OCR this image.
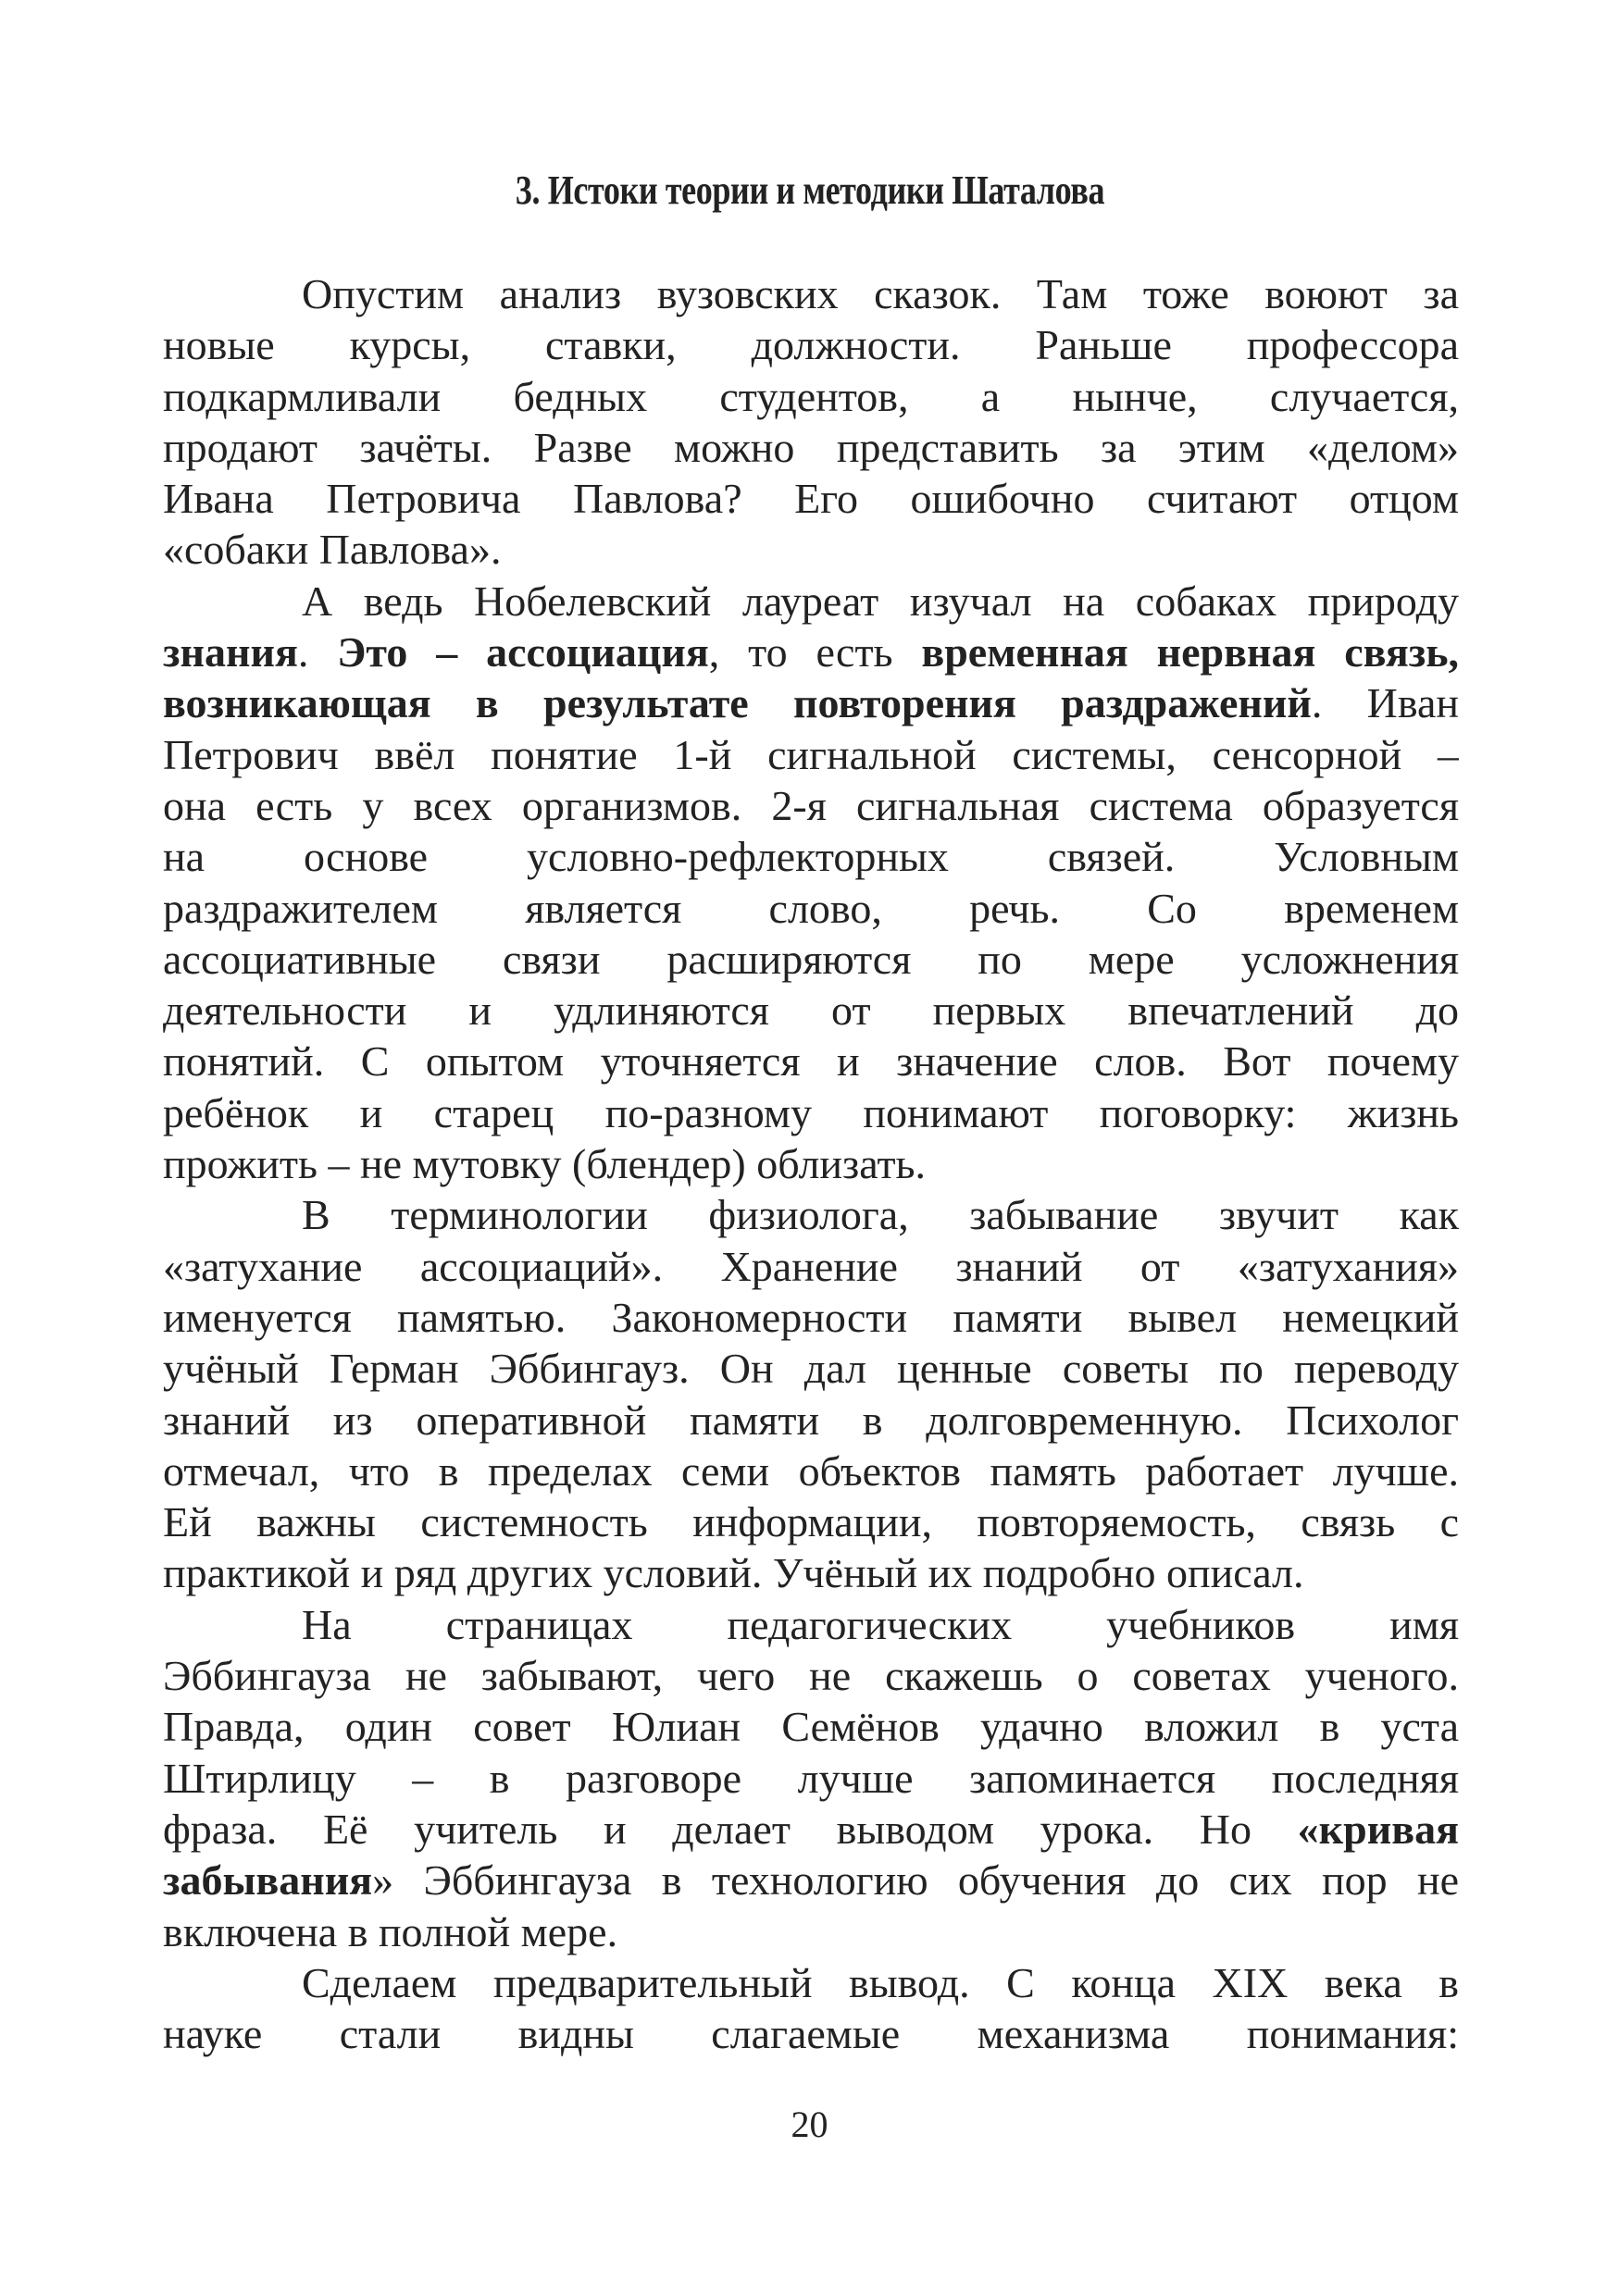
3. Истоки теории и методики Шаталова
Опустим анализ вузовских сказок. Там тоже воюют за
новые курсы, ставки, должности. Раньше профессора
подкармливали бедных студентов, а нынче, случается,
продают зачёты. Разве можно представить за этим «делом»
Ивана Петровича Павлова? Его ошибочно считают отцом
«собаки Павлова».
А ведь Нобелевский лауреат изучал на собаках природу
знания. Это – ассоциация, то есть временная нервная связь,
возникающая в результате повторения раздражений. Иван
Петрович ввёл понятие 1-й сигнальной системы, сенсорной –
она есть у всех организмов. 2-я сигнальная система образуется
на основе условно-рефлекторных связей. Условным
раздражителем является слово, речь. Со временем
ассоциативные связи расширяются по мере усложнения
деятельности и удлиняются от первых впечатлений до
понятий. С опытом уточняется и значение слов. Вот почему
ребёнок и старец по-разному понимают поговорку: жизнь
прожить – не мутовку (блендер) облизать.
В терминологии физиолога, забывание звучит как
«затухание ассоциаций». Хранение знаний от «затухания»
именуется памятью. Закономерности памяти вывел немецкий
учёный Герман Эббингауз. Он дал ценные советы по переводу
знаний из оперативной памяти в долговременную. Психолог
отмечал, что в пределах семи объектов память работает лучше.
Ей важны системность информации, повторяемость, связь с
практикой и ряд других условий. Учёный их подробно описал.
На страницах педагогических учебников имя
Эббингауза не забывают, чего не скажешь о советах ученого.
Правда, один совет Юлиан Семёнов удачно вложил в уста
Штирлицу – в разговоре лучше запоминается последняя
фраза. Её учитель и делает выводом урока. Но «кривая
забывания» Эббингауза в технологию обучения до сих пор не
включена в полной мере.
Сделаем предварительный вывод. С конца XIX века в
науке стали видны слагаемые механизма понимания:
20
